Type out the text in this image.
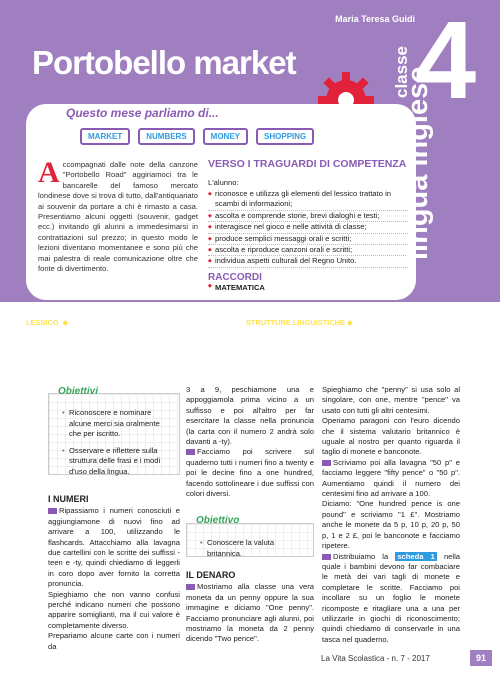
Maria Teresa Guidi
Portobello market 4
classe
Questo mese parliamo di...
MARKET	NUMBERS	MONEY	SHOPPING
Accompagnati dalle note della canzone "Portobello Road" aggiriamoci tra le bancarelle del famoso mercato londinese dove si trova di tutto, dall'antiquariato ai souvenir da portare a chi è rimasto a casa. Presentiamo alcuni oggetti (souvenir, gadget ecc.) invitando gli alunni a immedesimarsi in contrattazioni sul prezzo; in questo modo le lezioni diventano momentanee e sono più che mai palestra di reale comunicazione oltre che fonte di divertimento.
VERSO I TRAGUARDI DI COMPETENZA
L'alunno:
◆ riconosce e utilizza gli elementi del lessico trattato in scambi di informazioni;
◆ ascolta e comprende storie, brevi dialoghi e testi;
◆ interagisce nel gioco e nelle attività di classe;
◆ produce semplici messaggi orali e scritti;
◆ ascolta e riproduce canzoni orali e scritti;
◆ individua aspetti culturali del Regno Unito.
RACCORDI
◆ MATEMATICA
LESSICO ◆ Numbers 1-100, pounds, penny, pence, money, market, money box, teapot, magnet, key ring, pencil case, phone cover, box of tea, mug, stalls, antiques, fruit, clothes, post box, bus, phone box, taxi, cheap, expensive.
STRUTTURE LINGUISTICHE ◆ Can I have…? Yes, here you are, how much is it/that? It's… thank you, it's cheap/expensive.
lingua inglese
• Riconoscere e nominare alcune merci sia oralmente che per iscritto.
• Osservare e riflettere sulla struttura delle frasi e i modi d'uso della lingua.
Obiettivi
I NUMERI

Ripassiamo i numeri conosciuti e aggiungiamone di nuovi fino ad arrivare a 100, utilizzando le flashcards. Attacchiamo alla lavagna due cartellini con le scritte dei suffissi -teen e -ty, quindi chiediamo di leggerli in coro dopo aver fornito la corretta pronuncia.

Spieghiamo che non vanno confusi perché indicano numeri che possono apparire somiglianti, ma il cui valore è completamente diverso.

Prepariamo alcune carte con i numeri da

3 a 9, peschiamone una e appoggiamola prima vicino a un suffisso e poi all'altro per far esercitare la classe nella pronuncia (la carta con il numero 2 andrà solo davanti a -ty).

Facciamo poi scrivere sul quaderno tutti i numeri fino a twenty e poi le decine fino a one hundred, facendo sottolineare i due suffissi con colori diversi.

• Conoscere la valuta britannica.
Obiettivo
IL DENARO

Mostriamo alla classe una vera moneta da un penny oppure la sua immagine e diciamo "One penny". Facciamo pronunciare agli alunni, poi mostriamo la moneta da 2 penny dicendo "Two pence".

Spieghiamo che "penny" si usa solo al singolare, con one, mentre "pence" va usato con tutti gli altri centesimi.

Operiamo paragoni con l'euro dicendo che il sistema valutario britannico è uguale al nostro per quanto riguarda il taglio di monete e banconote.

Scriviamo poi alla lavagna "50 p" e facciamo leggere "fifty pence" o "50 p". Aumentiamo quindi il numero dei centesimi fino ad arrivare a 100.

Diciamo: "One hundred pence is one pound" e scriviamo "1 £". Mostriamo anche le monete da 5 p, 10 p, 20 p, 50 p, 1 e 2 £, poi le banconote e facciamo ripetere.

Distribuiamo la scheda 1 nella quale i bambini devono far combaciare le metà dei vari tagli di monete e completare le scritte. Facciamo poi incollare su un foglio le monete ricomposte e ritagliare una a una per utilizzarle in giochi di riconoscimento; quindi chiediamo di conservarle in una tasca nel quaderno.

La Vita Scolastica - n. 7 - 2017	91
